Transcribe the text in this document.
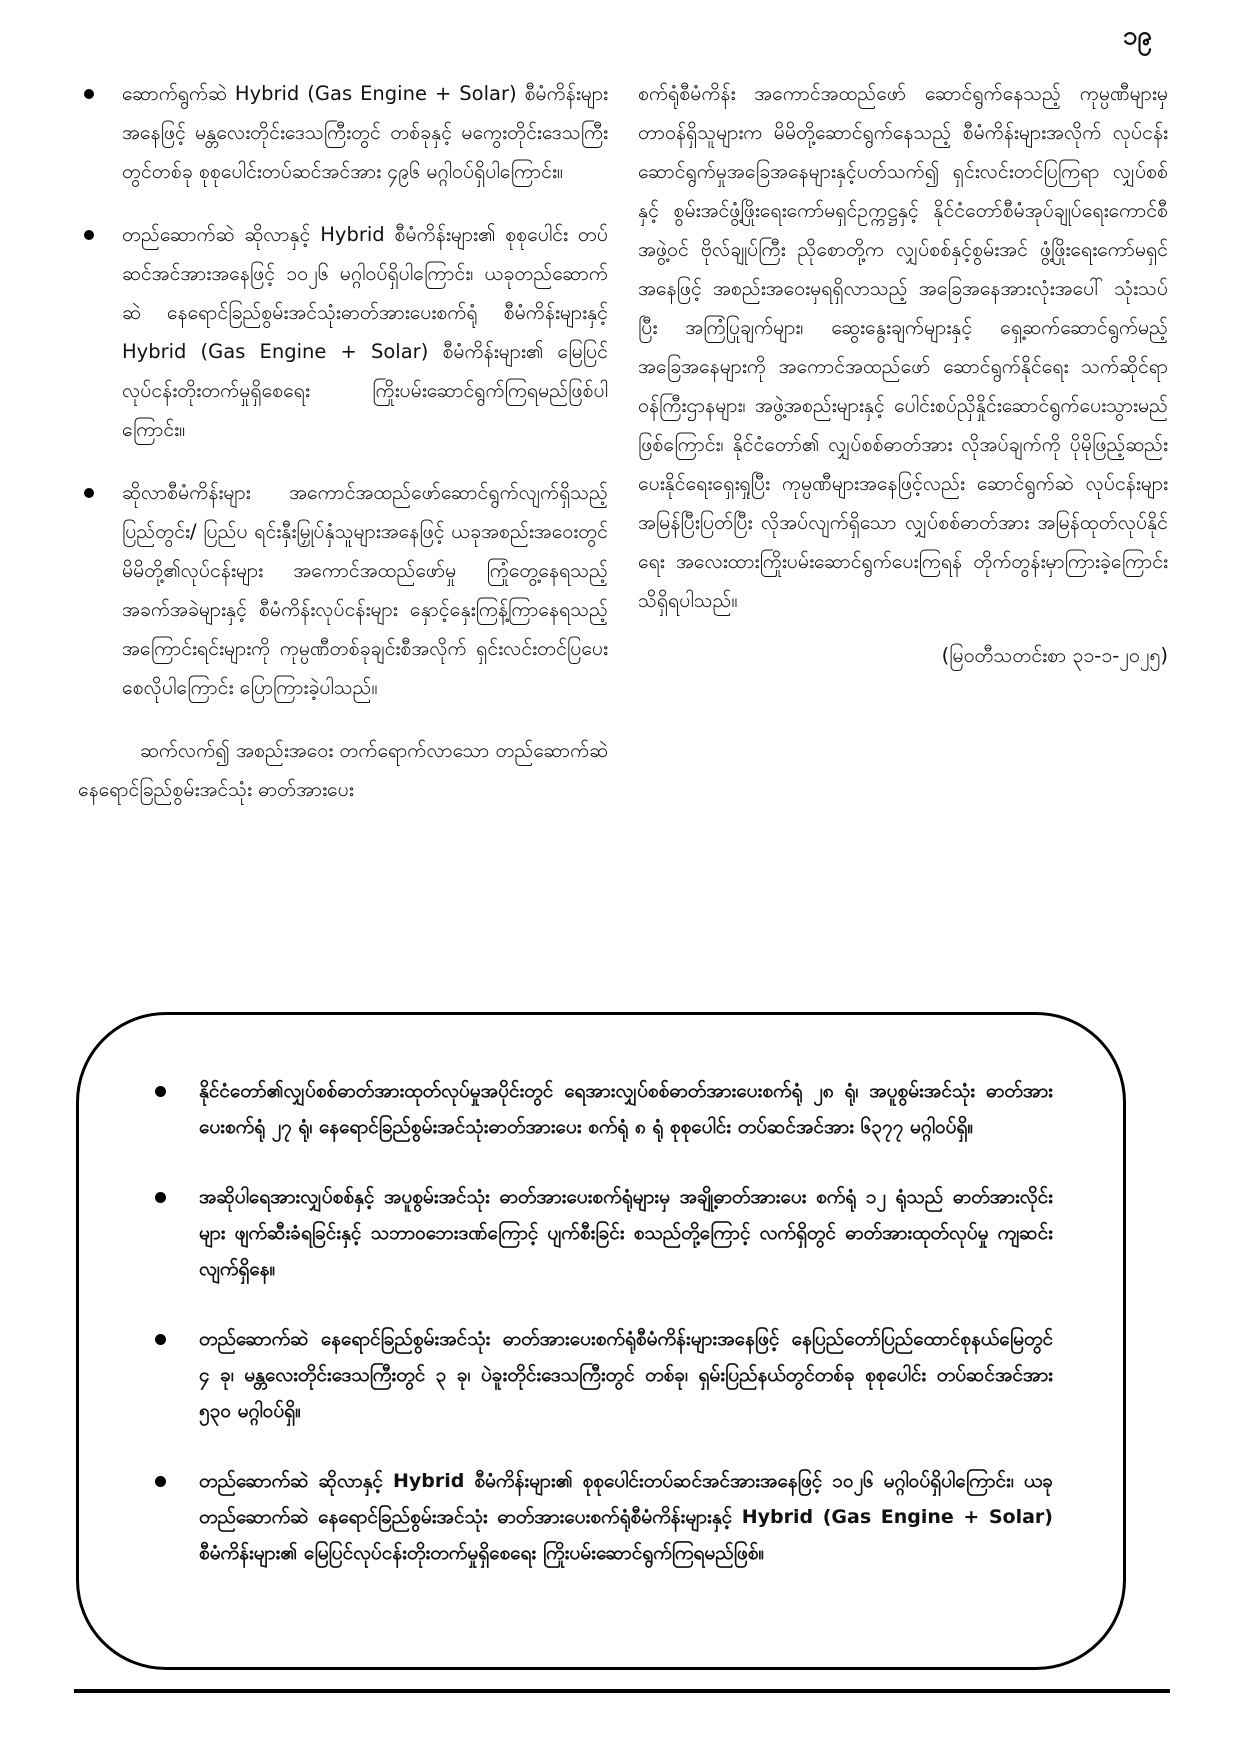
၁၉
ဆောက်ရွက်ဆဲ Hybrid (Gas Engine + Solar) စီမံကိန်းများအနေဖြင့် မန္တလေးတိုင်းဒေသကြီးတွင် တစ်ခုနှင့် မကွေးတိုင်းဒေသကြီးတွင်တစ်ခု စုစုပေါင်းတပ်ဆင်အင်အား ၄၉၆ မဂ္ဂါဝပ်ရှိပါကြောင်း။
တည်ဆောက်ဆဲ ဆိုလာနှင့် Hybrid စီမံကိန်းများ၏ စုစုပေါင်း တပ်ဆင်အင်အားအနေဖြင့် ၁၀၂၆ မဂ္ဂါဝပ်ရှိပါကြောင်း၊ ယခုတည်ဆောက်ဆဲ နေရောင်ခြည်စွမ်းအင်သုံးဓာတ်အားပေးစက်ရုံ စီမံကိန်းများနှင့် Hybrid (Gas Engine + Solar) စီမံကိန်းများ၏ မြေပြင်လုပ်ငန်းတိုးတက်မှုရှိစေရေး ကြိုးပမ်းဆောင်ရွက်ကြရမည်ဖြစ်ပါကြောင်း။
ဆိုလာစီမံကိန်းများ အကောင်အထည်ဖော်ဆောင်ရွက်လျက်ရှိသည့် ပြည်တွင်း/ ပြည်ပ ရင်းနှီးမြှုပ်နှံသူများအနေဖြင့် ယခုအစည်းအဝေးတွင် မိမိတို့၏လုပ်ငန်းများ အကောင်အထည်ဖော်မှု ကြုံတွေ့နေရသည့် အခက်အခဲများနှင့် စီမံကိန်းလုပ်ငန်းများ နှောင့်နှေးကြန့်ကြာနေရသည့် အကြောင်းရင်းများကို ကုမ္ပဏီတစ်ခုချင်းစီအလိုက် ရှင်းလင်းတင်ပြပေးစေလိုပါကြောင်း ပြောကြားခဲ့ပါသည်။

ဆက်လက်၍ အစည်းအဝေး တက်ရောက်လာသော တည်ဆောက်ဆဲ နေရောင်ခြည်စွမ်းအင်သုံး ဓာတ်အားပေး

စက်ရုံစီမံကိန်း အကောင်အထည်ဖော် ဆောင်ရွက်နေသည့် ကုမ္ပဏီများမှ တာဝန်ရှိသူများက မိမိတို့ဆောင်ရွက်နေသည့် စီမံကိန်းများအလိုက် လုပ်ငန်းဆောင်ရွက်မှုအခြေအနေများနှင့်ပတ်သက်၍ ရှင်းလင်းတင်ပြကြရာ လျှပ်စစ်နှင့် စွမ်းအင်ဖွံ့ဖြိုးရေးကော်မရှင်ဥက္ကဋ္ဌနှင့် နိုင်ငံတော်စီမံအုပ်ချုပ်ရေးကောင်စီအဖွဲ့ဝင် ဗိုလ်ချုပ်ကြီး ညိုစောတို့က လျှပ်စစ်နှင့်စွမ်းအင် ဖွံ့ဖြိုးရေးကော်မရှင်အနေဖြင့် အစည်းအဝေးမှရရှိလာသည့် အခြေအနေအားလုံးအပေါ် သုံးသပ်ပြီး အကြံပြုချက်များ၊ ဆွေးနွေးချက်များနှင့် ရှေ့ဆက်ဆောင်ရွက်မည့် အခြေအနေများကို အကောင်အထည်ဖော် ဆောင်ရွက်နိုင်ရေး သက်ဆိုင်ရာဝန်ကြီးဌာနများ၊ အဖွဲ့အစည်းများနှင့် ပေါင်းစပ်ညှိနှိုင်းဆောင်ရွက်ပေးသွားမည်ဖြစ်ကြောင်း၊ နိုင်ငံတော်၏ လျှပ်စစ်ဓာတ်အား လိုအပ်ချက်ကို ပိုမိုဖြည့်ဆည်းပေးနိုင်ရေးရှေးရှုပြီး ကုမ္ပဏီများအနေဖြင့်လည်း ဆောင်ရွက်ဆဲ လုပ်ငန်းများအမြန်ပြီးပြတ်ပြီး လိုအပ်လျက်ရှိသော လျှပ်စစ်ဓာတ်အား အမြန်ထုတ်လုပ်နိုင်ရေး အလေးထားကြိုးပမ်းဆောင်ရွက်ပေးကြရန် တိုက်တွန်းမှာကြားခဲ့ကြောင်း သိရှိရပါသည်။

(မြဝတီသတင်းစာ ၃၁-၁-၂၀၂၅)

နိုင်ငံတော်၏လျှပ်စစ်ဓာတ်အားထုတ်လုပ်မှုအပိုင်းတွင် ရေအားလျှပ်စစ်ဓာတ်အားပေးစက်ရုံ ၂၈ ရုံ၊ အပူစွမ်းအင်သုံး ဓာတ်အားပေးစက်ရုံ ၂၇ ရုံ၊ နေရောင်ခြည်စွမ်းအင်သုံးဓာတ်အားပေး စက်ရုံ ၈ ရုံ စုစုပေါင်း တပ်ဆင်အင်အား ၆၃၇၇ မဂ္ဂါဝပ်ရှိ။
အဆိုပါရေအားလျှပ်စစ်နှင့် အပူစွမ်းအင်သုံး ဓာတ်အားပေးစက်ရုံများမှ အချို့ဓာတ်အားပေး စက်ရုံ ၁၂ ရုံသည် ဓာတ်အားလိုင်းများ ဖျက်ဆီးခံရခြင်းနှင့် သဘာဝဘေးဒဏ်ကြောင့် ပျက်စီးခြင်း စသည်တို့ကြောင့် လက်ရှိတွင် ဓာတ်အားထုတ်လုပ်မှု ကျဆင်းလျက်ရှိနေ။
တည်ဆောက်ဆဲ နေရောင်ခြည်စွမ်းအင်သုံး ဓာတ်အားပေးစက်ရုံစီမံကိန်းများအနေဖြင့် နေပြည်တော်ပြည်ထောင်စုနယ်မြေတွင် ၄ ခု၊ မန္တလေးတိုင်းဒေသကြီးတွင် ၃ ခု၊ ပဲခူးတိုင်းဒေသကြီးတွင် တစ်ခု၊ ရှမ်းပြည်နယ်တွင်တစ်ခု စုစုပေါင်း တပ်ဆင်အင်အား ၅၃၀ မဂ္ဂါဝပ်ရှိ။
တည်ဆောက်ဆဲ ဆိုလာနှင့် Hybrid စီမံကိန်းများ၏ စုစုပေါင်းတပ်ဆင်အင်အားအနေဖြင့် ၁၀၂၆ မဂ္ဂါဝပ်ရှိပါကြောင်း၊ ယခုတည်ဆောက်ဆဲ နေရောင်ခြည်စွမ်းအင်သုံး ဓာတ်အားပေးစက်ရုံစီမံကိန်းများနှင့် Hybrid (Gas Engine + Solar) စီမံကိန်းများ၏ မြေပြင်လုပ်ငန်းတိုးတက်မှုရှိစေရေး ကြိုးပမ်းဆောင်ရွက်ကြရမည်ဖြစ်။
